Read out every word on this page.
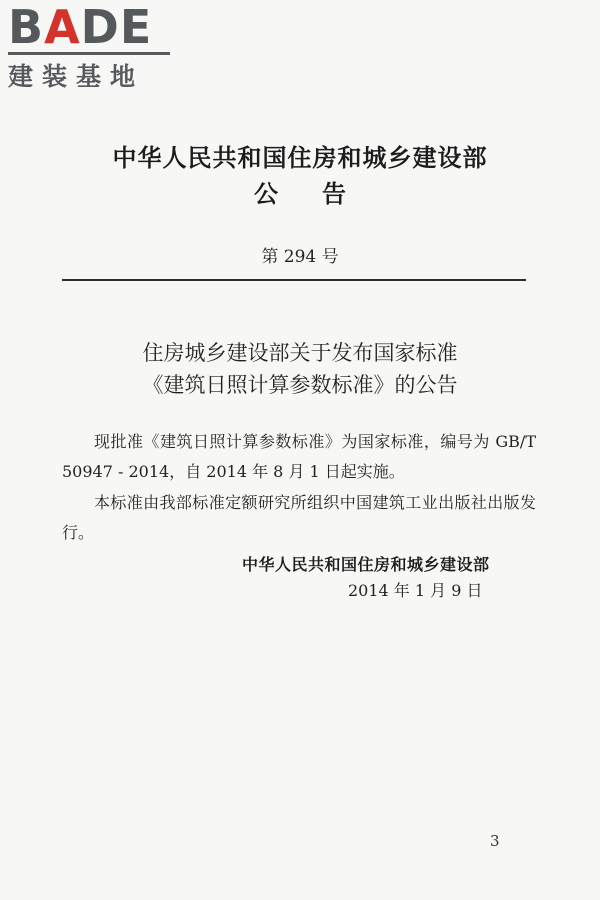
BADE
建装基地
中华人民共和国住房和城乡建设部
公告
第 294 号
住房城乡建设部关于发布国家标准
《建筑日照计算参数标准》的公告
现批准《建筑日照计算参数标准》为国家标准，编号为 GB/T 50947 - 2014，自 2014 年 8 月 1 日起实施。
本标准由我部标准定额研究所组织中国建筑工业出版社出版发行。
中华人民共和国住房和城乡建设部
2014 年 1 月 9 日
3
